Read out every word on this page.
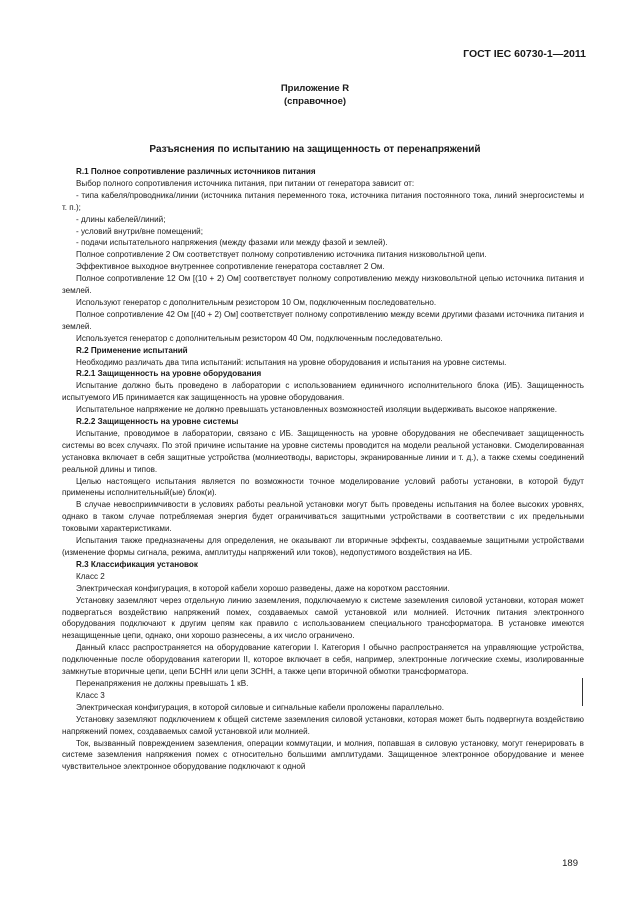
ГОСТ IEC 60730-1—2011
Приложение R
(справочное)
Разъяснения по испытанию на защищенность от перенапряжений
R.1 Полное сопротивление различных источников питания
Выбор полного сопротивления источника питания, при питании от генератора зависит от:
- типа кабеля/проводника/линии (источника питания переменного тока, источника питания постоянного тока, линий энергосистемы и т. п.);
- длины кабелей/линий;
- условий внутри/вне помещений;
- подачи испытательного напряжения (между фазами или между фазой и землей).
Полное сопротивление 2 Ом соответствует полному сопротивлению источника питания низковольтной цепи.
Эффективное выходное внутреннее сопротивление генератора составляет 2 Ом.
Полное сопротивление 12 Ом [(10 + 2) Ом] соответствует полному сопротивлению между низковольтной цепью источника питания и землей.
Используют генератор с дополнительным резистором 10 Ом, подключенным последовательно.
Полное сопротивление 42 Ом [(40 + 2) Ом] соответствует полному сопротивлению между всеми другими фазами источника питания и землей.
Используется генератор с дополнительным резистором 40 Ом, подключенным последовательно.
R.2 Применение испытаний
Необходимо различать два типа испытаний: испытания на уровне оборудования и испытания на уровне системы.
R.2.1 Защищенность на уровне оборудования
Испытание должно быть проведено в лаборатории с использованием единичного исполнительного блока (ИБ). Защищенность испытуемого ИБ принимается как защищенность на уровне оборудования.
Испытательное напряжение не должно превышать установленных возможностей изоляции выдерживать высокое напряжение.
R.2.2 Защищенность на уровне системы
Испытание, проводимое в лаборатории, связано с ИБ. Защищенность на уровне оборудования не обеспечивает защищенность системы во всех случаях. По этой причине испытание на уровне системы проводится на модели реальной установки. Смоделированная установка включает в себя защитные устройства (молниеотводы, варисторы, экранированные линии и т. д.), а также схемы соединений реальной длины и типов.
Целью настоящего испытания является по возможности точное моделирование условий работы установки, в которой будут применены исполнительный(ые) блок(и).
В случае невосприимчивости в условиях работы реальной установки могут быть проведены испытания на более высоких уровнях, однако в таком случае потребляемая энергия будет ограничиваться защитными устройствами в соответствии с их предельными токовыми характеристиками.
Испытания также предназначены для определения, не оказывают ли вторичные эффекты, создаваемые защитными устройствами (изменение формы сигнала, режима, амплитуды напряжений или токов), недопустимого воздействия на ИБ.
R.3 Классификация установок
Класс 2
Электрическая конфигурация, в которой кабели хорошо разведены, даже на коротком расстоянии.
Установку заземляют через отдельную линию заземления, подключаемую к системе заземления силовой установки, которая может подвергаться воздействию напряжений помех, создаваемых самой установкой или молнией. Источник питания электронного оборудования подключают к другим цепям как правило с использованием специального трансформатора. В установке имеются незащищенные цепи, однако, они хорошо разнесены, а их число ограничено.
Данный класс распространяется на оборудование категории I. Категория I обычно распространяется на управляющие устройства, подключенные после оборудования категории II, которое включает в себя, например, электронные логические схемы, изолированные замкнутые вторичные цепи, цепи БСНН или цепи ЗСНН, а также цепи вторичной обмотки трансформатора.
Перенапряжения не должны превышать 1 кВ.
Класс 3
Электрическая конфигурация, в которой силовые и сигнальные кабели проложены параллельно.
Установку заземляют подключением к общей системе заземления силовой установки, которая может быть подвергнута воздействию напряжений помех, создаваемых самой установкой или молнией.
Ток, вызванный повреждением заземления, операции коммутации, и молния, попавшая в силовую установку, могут генерировать в системе заземления напряжения помех с относительно большими амплитудами. Защищенное электронное оборудование и менее чувствительное электронное оборудование подключают к одной
189
